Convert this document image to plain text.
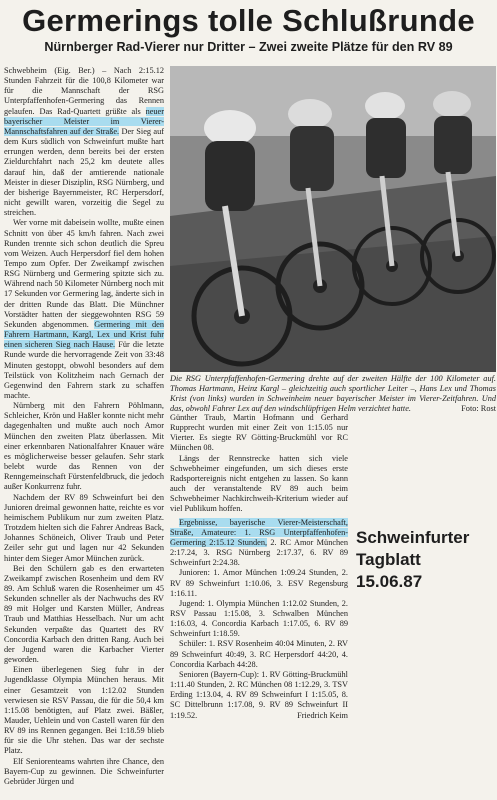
Germerings tolle Schlußrunde
Nürnberger Rad-Vierer nur Dritter – Zwei zweite Plätze für den RV 89

Schwebheim (Eig. Ber.) – Nach 2:15.12 Stunden Fahrzeit für die 100,8 Kilometer war für die Mannschaft der RSG Unterpfaffenhofen-Germering das Rennen gelaufen. Das Rad-Quartett grüßte als neuer bayerischer Meister im Vierer-Mannschaftsfahren auf der Straße. Der Sieg auf dem Kurs südlich von Schweinfurt mußte hart errungen werden, denn bereits bei der ersten Zieldurchfahrt nach 25,2 km deutete alles darauf hin, daß der amtierende nationale Meister in dieser Disziplin, RSG Nürnberg, und der bisherige Bayernmeister, RC Herpersdorf, nicht gewillt waren, vorzeitig die Segel zu streichen.

Wer vorne mit dabeisein wollte, mußte einen Schnitt von über 45 km/h fahren. Nach zwei Runden trennte sich schon deutlich die Spreu vom Weizen. Auch Herpersdorf fiel dem hohen Tempo zum Opfer. Der Zweikampf zwischen RSG Nürnberg und Germering spitzte sich zu. Während nach 50 Kilometer Nürnberg noch mit 17 Sekunden vor Germering lag, änderte sich in der dritten Runde das Blatt. Die Münchner Vorstädter hatten der sieggewohnten RSG 59 Sekunden abgenommen. Germering mit den Fahrern Hartmann, Kargl, Lex und Krist fuhr einen sicheren Sieg nach Hause. Für die letzte Runde wurde die hervorragende Zeit von 33:48 Minuten gestoppt, obwohl besonders auf dem Teilstück von Kolitzheim nach Gernach der Gegenwind den Fahrern stark zu schaffen machte.

Nürnberg mit den Fahrern Pöhlmann, Schleicher, Krön und Haßler konnte nicht mehr dagegenhalten und mußte auch noch Amor München den zweiten Platz überlassen. Mit einer erkennbaren Nationalfahrer Knauer wäre es möglicherweise besser gelaufen. Sehr stark belebt wurde das Rennen von der Renngemeinschaft Fürstenfeldbruck, die jedoch außer Konkurrenz fuhr.

Nachdem der RV 89 Schweinfurt bei den Junioren dreimal gewonnen hatte, reichte es vor heimischem Publikum nur zum zweiten Platz. Trotzdem hielten sich die Fahrer Andreas Back, Johannes Schöneich, Oliver Traub und Peter Zeiler sehr gut und lagen nur 42 Sekunden hinter dem Sieger Amor München zurück.

Bei den Schülern gab es den erwarteten Zweikampf zwischen Rosenheim und dem RV 89. Am Schluß waren die Rosenheimer um 45 Sekunden schneller als der Nachwuchs des RV 89 mit Holger und Karsten Müller, Andreas Traub und Matthias Hesselbach. Nur um acht Sekunden verpaßte das Quartett des RV Concordia Karbach den dritten Rang. Auch bei der Jugend waren die Karbacher Vierter geworden.

Einen überlegenen Sieg fuhr in der Jugendklasse Olympia München heraus. Mit einer Gesamtzeit von 1:12.02 Stunden verwiesen sie RSV Passau, die für die 50,4 km 1:15.08 benötigten, auf Platz zwei. Bäßler, Mauder, Uehlein und von Castell waren für den RV 89 ins Rennen gegangen. Bei 1:18.59 blieb für sie die Uhr stehen. Das war der sechste Platz.

Elf Seniorenteams wahrten ihre Chance, den Bayern-Cup zu gewinnen. Die Schweinfurter Gebrüder Jürgen und

Die RSG Unterpfaffenhofen-Germering drehte auf der zweiten Hälfte der 100 Kilometer auf. Thomas Hartmann, Heinz Kargl – gleichzeitig auch sportlicher Leiter –, Hans Lex und Thomas Krist (von links) wurden in Schweinheim neuer bayerischer Meister im Vierer-Zeitfahren. Und das, obwohl Fahrer Lex auf den windschlüpfrigen Helm verzichtet hatte.	Foto: Rost

Günther Traub, Martin Hofmann und Gerhard Rupprecht wurden mit einer Zeit von 1:15.05 nur Vierter. Es siegte RV Götting-Bruckmühl vor RC München 08.

Längs der Rennstrecke hatten sich viele Schwebheimer eingefunden, um sich dieses erste Radsportereignis nicht entgehen zu lassen. So kann auch der veranstaltende RV 89 auch beim Schwebheimer Nachkirchweih-Kriterium wieder auf viel Publikum hoffen.

Ergebnisse, bayerische Vierer-Meisterschaft, Straße, Amateure: 1. RSG Unterpfaffenhofen-Germering 2:15.12 Stunden, 2. RC Amor München 2:17.24, 3. RSG Nürnberg 2:17.37, 6. RV 89 Schweinfurt 2:24.38.

Junioren: 1. Amor München 1:09.24 Stunden, 2. RV 89 Schweinfurt 1:10.06, 3. ESV Regensburg 1:16.11.

Jugend: 1. Olympia München 1:12.02 Stunden, 2. RSV Passau 1:15.08, 3. Schwalben München 1:16.03, 4. Concordia Karbach 1:17.05, 6. RV 89 Schweinfurt 1:18.59.

Schüler: 1. RSV Rosenheim 40:04 Minuten, 2. RV 89 Schweinfurt 40:49, 3. RC Herpersdorf 44:20, 4. Concordia Karbach 44:28.

Senioren (Bayern-Cup): 1. RV Götting-Bruckmühl 1:11.40 Stunden, 2. RC München 08 1:12.29, 3. TSV Erding 1:13.04, 4. RV 89 Schweinfurt I 1:15.05, 8. SC Dittelbrunn 1:17.08, 9. RV 89 Schweinfurt II 1:19.52.	Friedrich Keim

Schweinfurter
Tagblatt
15.06.87
